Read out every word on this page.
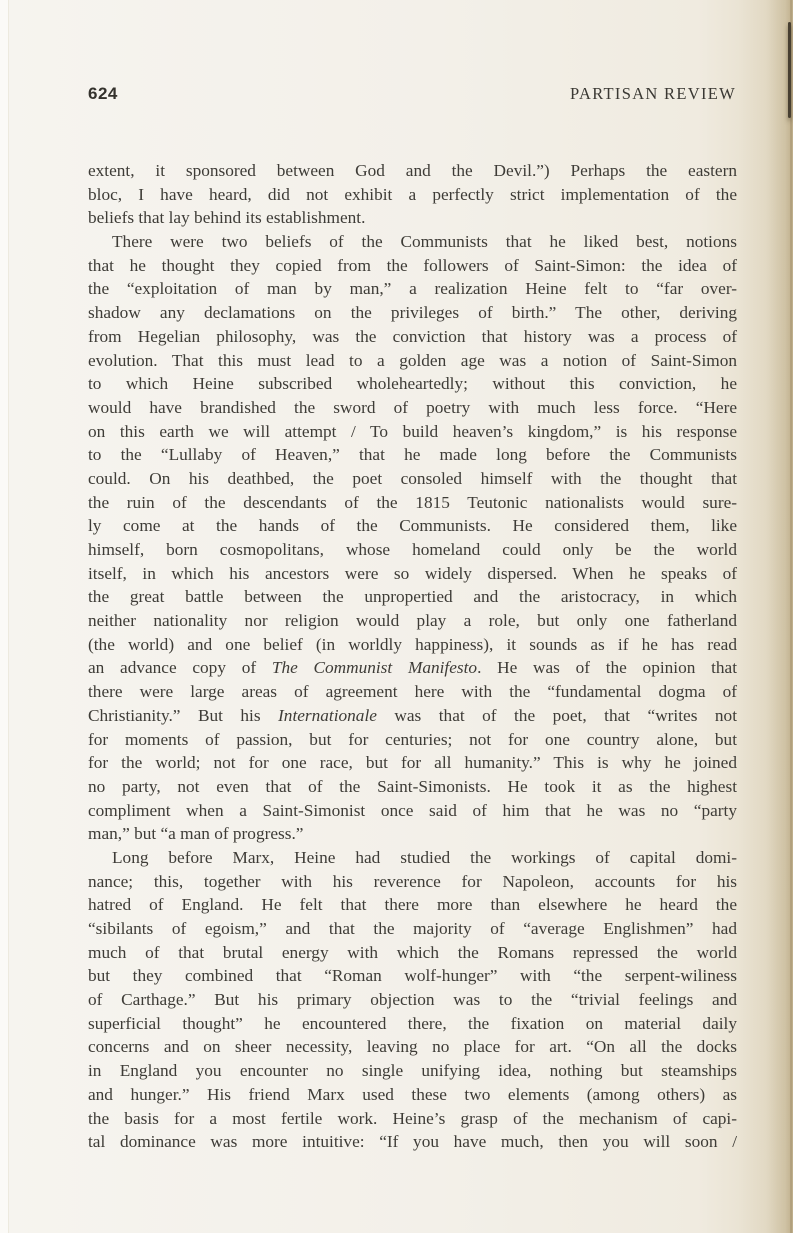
624	PARTISAN REVIEW

extent, it sponsored between God and the Devil.”) Perhaps the eastern
bloc, I have heard, did not exhibit a perfectly strict implementation of the
beliefs that lay behind its establishment.

There were two beliefs of the Communists that he liked best, notions
that he thought they copied from the followers of Saint-Simon: the idea of
the “exploitation of man by man,” a realization Heine felt to “far over-
shadow any declamations on the privileges of birth.” The other, deriving
from Hegelian philosophy, was the conviction that history was a process of
evolution. That this must lead to a golden age was a notion of Saint-Simon
to which Heine subscribed wholeheartedly; without this conviction, he
would have brandished the sword of poetry with much less force. “Here
on this earth we will attempt / To build heaven’s kingdom,” is his response
to the “Lullaby of Heaven,” that he made long before the Communists
could. On his deathbed, the poet consoled himself with the thought that
the ruin of the descendants of the 1815 Teutonic nationalists would sure-
ly come at the hands of the Communists. He considered them, like
himself, born cosmopolitans, whose homeland could only be the world
itself, in which his ancestors were so widely dispersed. When he speaks of
the great battle between the unpropertied and the aristocracy, in which
neither nationality nor religion would play a role, but only one fatherland
(the world) and one belief (in worldly happiness), it sounds as if he has read
an advance copy of The Communist Manifesto. He was of the opinion that
there were large areas of agreement here with the “fundamental dogma of
Christianity.” But his Internationale was that of the poet, that “writes not
for moments of passion, but for centuries; not for one country alone, but
for the world; not for one race, but for all humanity.” This is why he joined
no party, not even that of the Saint-Simonists. He took it as the highest
compliment when a Saint-Simonist once said of him that he was no “party
man,” but “a man of progress.”

Long before Marx, Heine had studied the workings of capital domi-
nance; this, together with his reverence for Napoleon, accounts for his
hatred of England. He felt that there more than elsewhere he heard the
“sibilants of egoism,” and that the majority of “average Englishmen” had
much of that brutal energy with which the Romans repressed the world
but they combined that “Roman wolf-hunger” with “the serpent-wiliness
of Carthage.” But his primary objection was to the “trivial feelings and
superficial thought” he encountered there, the fixation on material daily
concerns and on sheer necessity, leaving no place for art. “On all the docks
in England you encounter no single unifying idea, nothing but steamships
and hunger.” His friend Marx used these two elements (among others) as
the basis for a most fertile work. Heine’s grasp of the mechanism of capi-
tal dominance was more intuitive: “If you have much, then you will soon /
